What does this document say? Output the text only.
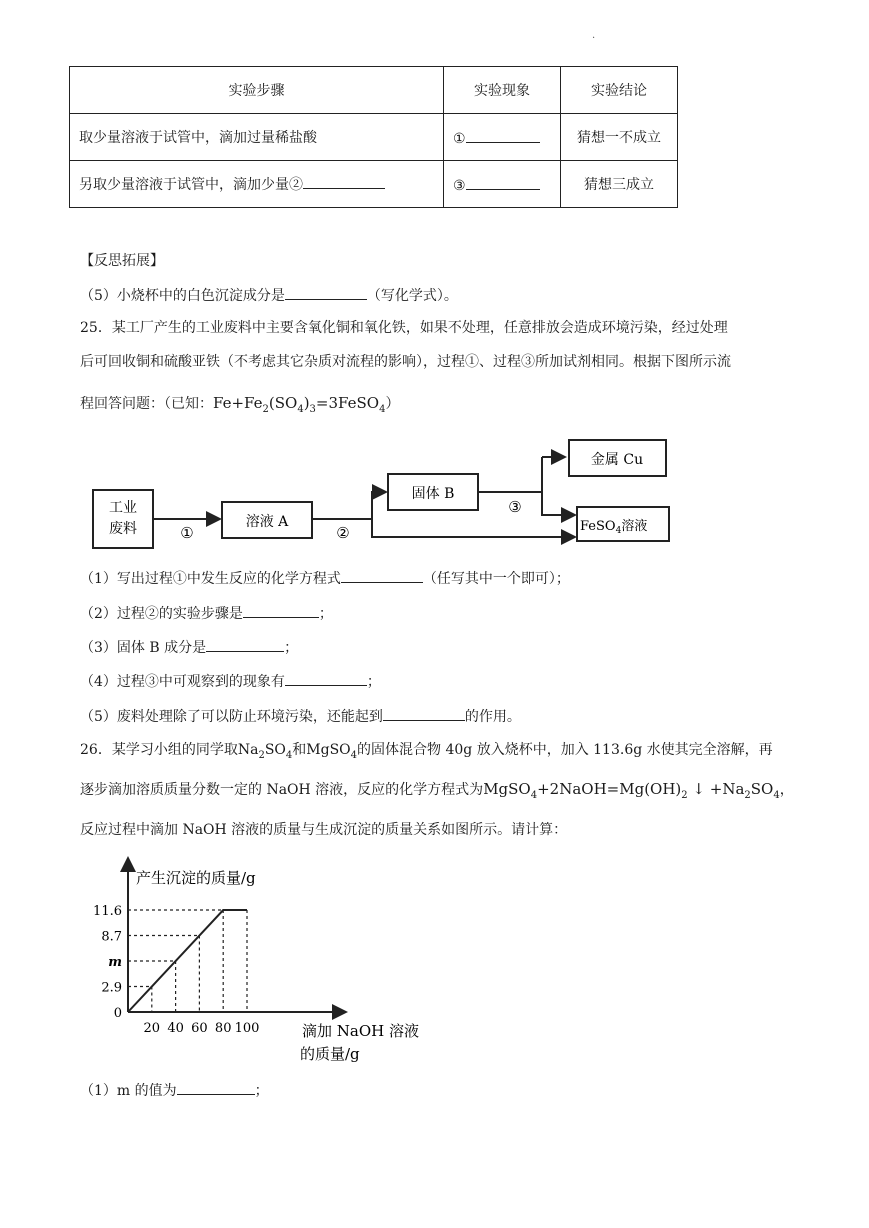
.
实验步骤	实验现象	实验结论
取少量溶液于试管中，滴加过量稀盐酸	①	猜想一不成立
另取少量溶液于试管中，滴加少量②	③	猜想三成立
【反思拓展】
（5）小烧杯中的白色沉淀成分是	（写化学式）。
25．某工厂产生的工业废料中主要含氧化铜和氧化铁，如果不处理，任意排放会造成环境污染，经过处理
后可回收铜和硫酸亚铁（不考虑其它杂质对流程的影响），过程①、过程③所加试剂相同。根据下图所示流
程回答问题：（已知：$Fe+Fe_2(SO_4)_3=3FeSO_4$）
工业
废料	①
溶液 A
②
固体 B
③
金属 Cu
FeSO$_4$溶液
（1）写出过程①中发生反应的化学方程式	（任写其中一个即可）；
（2）过程②的实验步骤是	；
（3）固体 B 成分是	；
（4）过程③中可观察到的现象有	；
（5）废料处理除了可以防止环境污染，还能起到	的作用。
26．某学习小组的同学取$Na_2SO_4$和MgSO$_4$的固体混合物 40g 放入烧杯中，加入 113.6g 水使其完全溶解，再
逐步滴加溶质质量分数一定的 NaOH 溶液，反应的化学方程式为$MgSO_4+2NaOH=Mg(OH)_2$ ↓ $+Na_2SO_4$，
反应过程中滴加 NaOH 溶液的质量与生成沉淀的质量关系如图所示。请计算：
产生沉淀的质量/g
滴加 NaOH 溶液
的质量/g
2.9
m
8.7
11.6
0
20 40 60 80 100
（1）m 的值为	；
